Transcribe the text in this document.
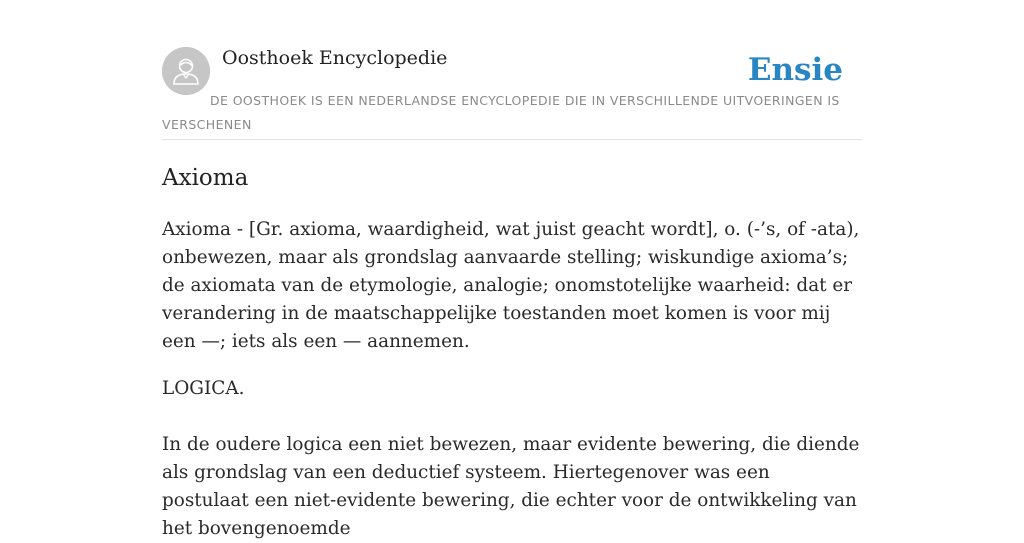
Oosthoek Encyclopedie	Ensie
DE OOSTHOEK IS EEN NEDERLANDSE ENCYCLOPEDIE DIE IN VERSCHILLENDE UITVOERINGEN IS VERSCHENEN
Axioma

Axioma - [Gr. axioma, waardigheid, wat juist geacht wordt], o. (-’s, of -ata), onbewezen, maar als grondslag aanvaarde stelling; wiskundige axioma’s; de axiomata van de etymologie, analogie; onomstotelijke waarheid: dat er verandering in de maatschappelijke toestanden moet komen is voor mij een —; iets als een — aannemen.

LOGICA.

In de oudere logica een niet bewezen, maar evidente bewering, die diende als grondslag van een deductief systeem. Hiertegenover was een postulaat een niet-evidente bewering, die echter voor de ontwikkeling van het bovengenoemde
